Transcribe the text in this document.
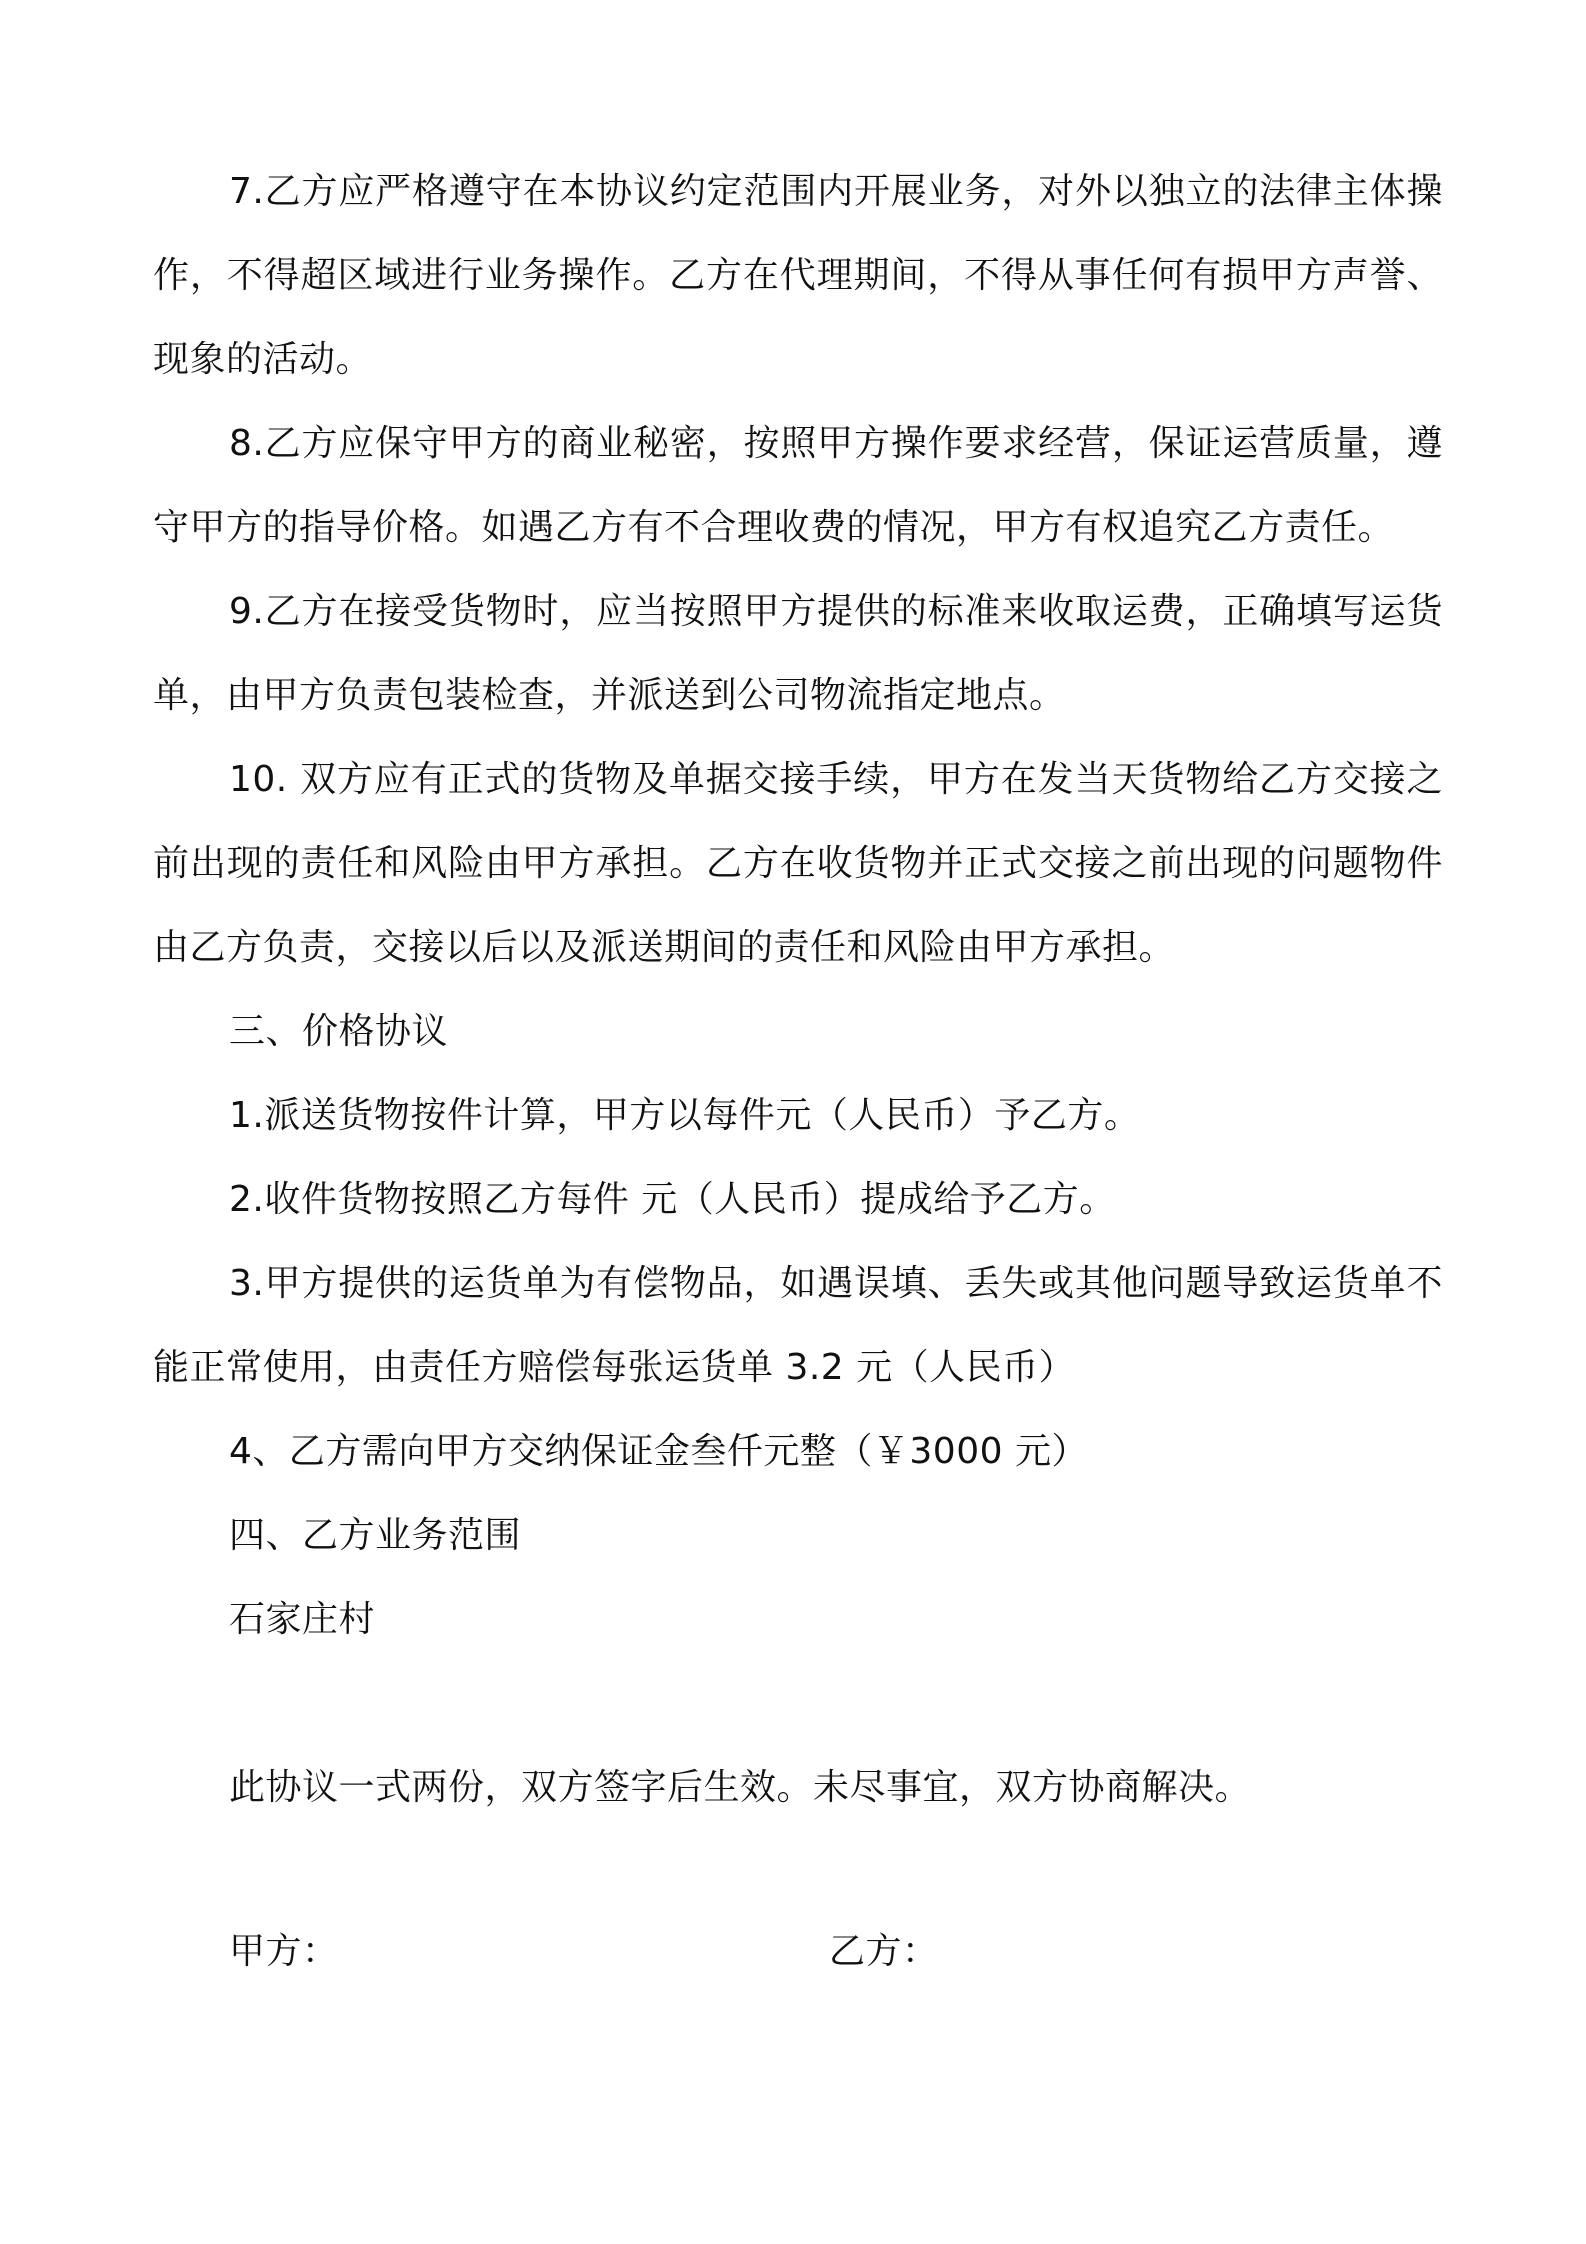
7.乙方应严格遵守在本协议约定范围内开展业务，对外以独立的法律主体操作，不得超区域进行业务操作。乙方在代理期间，不得从事任何有损甲方声誉、现象的活动。

8.乙方应保守甲方的商业秘密，按照甲方操作要求经营，保证运营质量，遵守甲方的指导价格。如遇乙方有不合理收费的情况，甲方有权追究乙方责任。

9.乙方在接受货物时，应当按照甲方提供的标准来收取运费，正确填写运货单，由甲方负责包装检查，并派送到公司物流指定地点。

10. 双方应有正式的货物及单据交接手续，甲方在发当天货物给乙方交接之前出现的责任和风险由甲方承担。乙方在收货物并正式交接之前出现的问题物件由乙方负责，交接以后以及派送期间的责任和风险由甲方承担。

三、价格协议

1.派送货物按件计算，甲方以每件元（人民币）予乙方。

2.收件货物按照乙方每件 元（人民币）提成给予乙方。

3.甲方提供的运货单为有偿物品，如遇误填、丢失或其他问题导致运货单不能正常使用，由责任方赔偿每张运货单 3.2 元（人民币）

4、乙方需向甲方交纳保证金叁仟元整（￥3000 元）

四、乙方业务范围

石家庄村

此协议一式两份，双方签字后生效。未尽事宜，双方协商解决。

甲方：	乙方：
